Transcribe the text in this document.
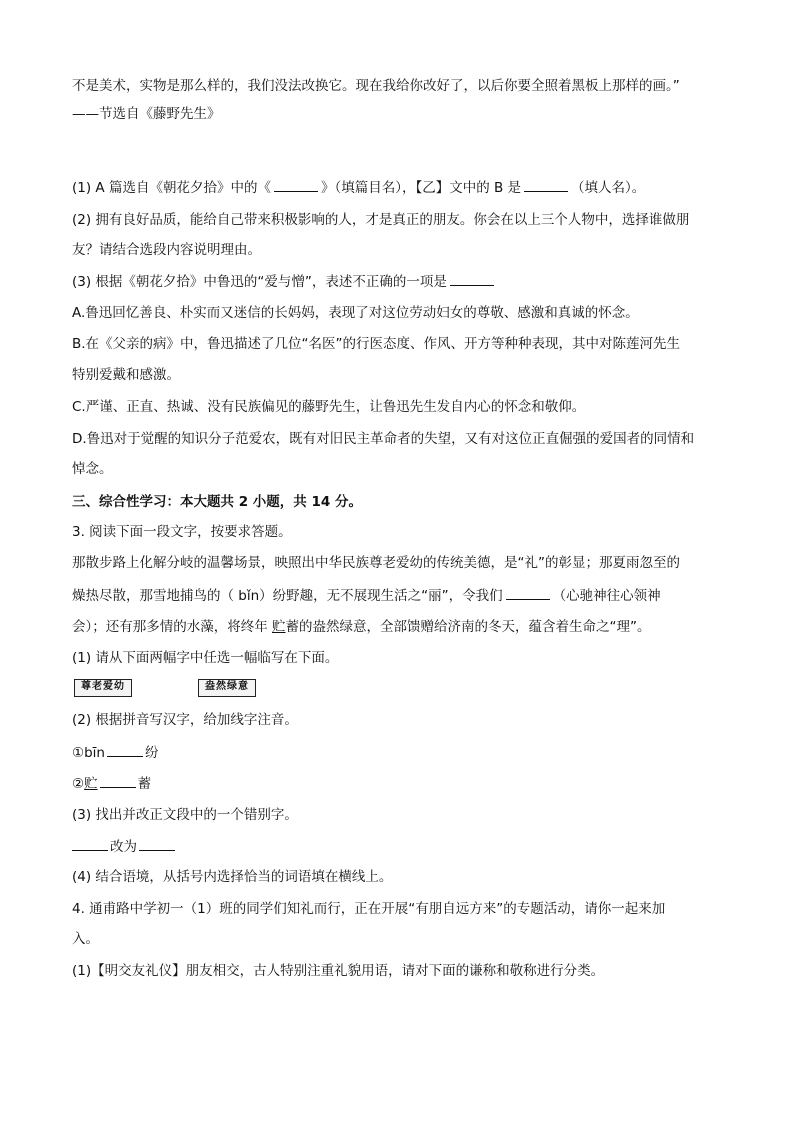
不是美术，实物是那么样的，我们没法改换它。现在我给你改好了，以后你要全照着黑板上那样的画。”
——节选自《藤野先生》
(1) A 篇选自《朝花夕拾》中的《	》（填篇目名），【乙】文中的 B 是	（填人名）。
(2) 拥有良好品质，能给自己带来积极影响的人，才是真正的朋友。你会在以上三个人物中，选择谁做朋
友？请结合选段内容说明理由。
(3) 根据《朝花夕拾》中鲁迅的“爱与憎”，表述不正确的一项是
A.鲁迅回忆善良、朴实而又迷信的长妈妈，表现了对这位劳动妇女的尊敬、感激和真诚的怀念。
B.在《父亲的病》中，鲁迅描述了几位“名医”的行医态度、作风、开方等种种表现，其中对陈莲河先生
特别爱戴和感激。
C.严谨、正直、热诚、没有民族偏见的藤野先生，让鲁迅先生发自内心的怀念和敬仰。
D.鲁迅对于觉醒的知识分子范爱农，既有对旧民主革命者的失望，又有对这位正直倔强的爱国者的同情和
悼念。
三、综合性学习：本大题共 2 小题，共 14 分。
3. 阅读下面一段文字，按要求答题。
那散步路上化解分岐的温馨场景，映照出中华民族尊老爱幼的传统美德，是“礼”的彰显；那夏雨忽至的
燥热尽散，那雪地捕鸟的（ bǐn）纷野趣，无不展现生活之“丽”，令我们	（心驰神往心领神
会）；还有那多情的水藻，将终年 贮蓄的盎然绿意，全部馈赠给济南的冬天，蕴含着生命之“理”。
(1) 请从下面两幅字中任选一幅临写在下面。
尊老爱幼	盎然绿意
(2) 根据拼音写汉字，给加线字注音。
①bīn	纷
②贮	蓄
(3) 找出并改正文段中的一个错别字。
改为
(4) 结合语境，从括号内选择恰当的词语填在横线上。
4. 通甫路中学初一（1）班的同学们知礼而行，正在开展“有朋自远方来”的专题活动，请你一起来加
入。
(1)【明交友礼仪】朋友相交，古人特别注重礼貌用语，请对下面的谦称和敬称进行分类。
